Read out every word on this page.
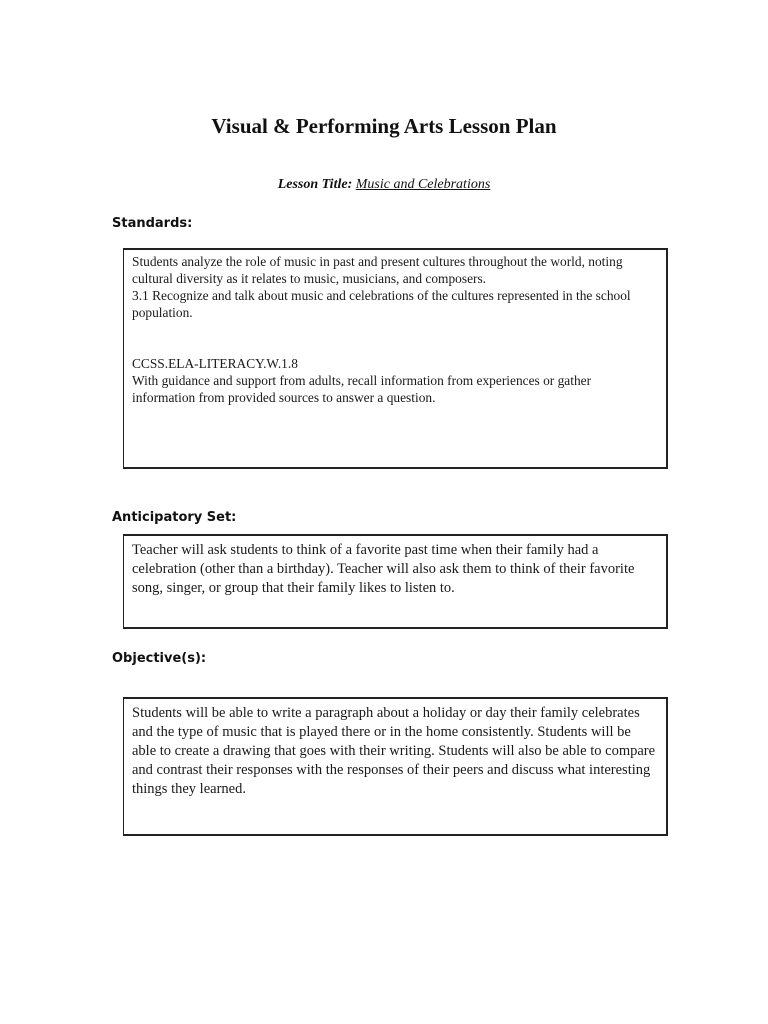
Visual & Performing Arts Lesson Plan
Lesson Title: Music and Celebrations
Standards:

Students analyze the role of music in past and present cultures throughout the world, noting cultural diversity as it relates to music, musicians, and composers.

3.1 Recognize and talk about music and celebrations of the cultures represented in the school population.

CCSS.ELA-LITERACY.W.1.8

With guidance and support from adults, recall information from experiences or gather information from provided sources to answer a question.

Anticipatory Set:

Teacher will ask students to think of a favorite past time when their family had a celebration (other than a birthday). Teacher will also ask them to think of their favorite song, singer, or group that their family likes to listen to.

Objective(s):

Students will be able to write a paragraph about a holiday or day their family celebrates and the type of music that is played there or in the home consistently. Students will be able to create a drawing that goes with their writing. Students will also be able to compare and contrast their responses with the responses of their peers and discuss what interesting things they learned.
